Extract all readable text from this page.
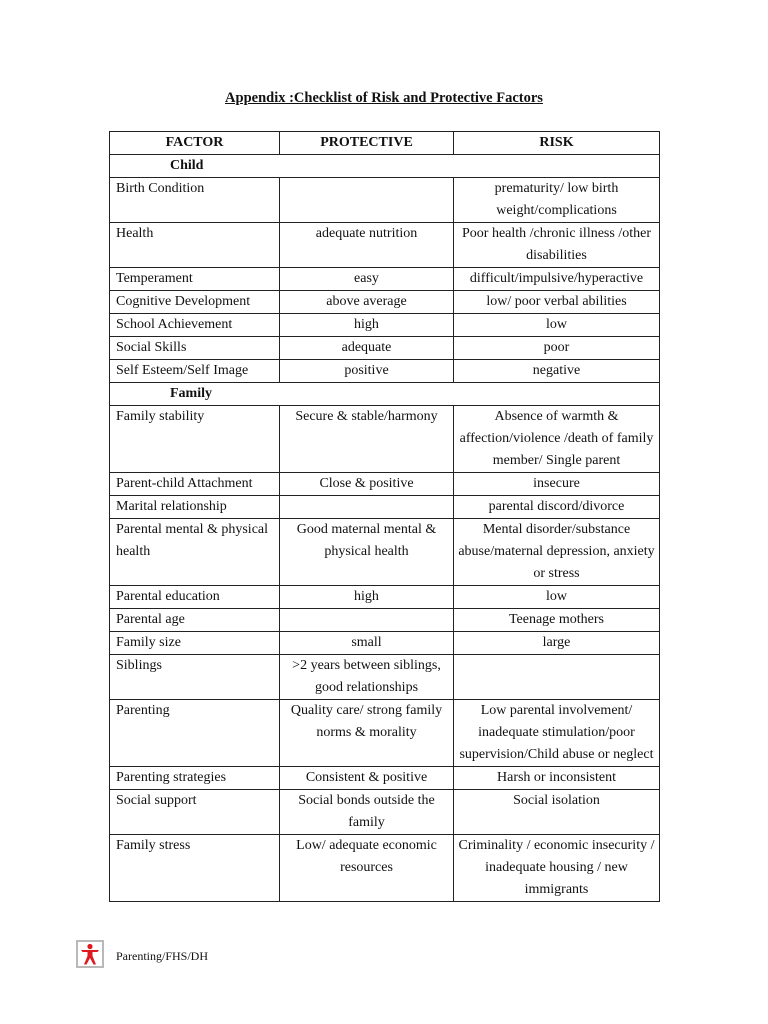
Appendix :Checklist of Risk and Protective Factors
FACTOR	PROTECTIVE	RISK
Child		
Birth Condition		prematurity/ low birth weight/complications
Health	adequate nutrition	Poor health /chronic illness /other disabilities
Temperament	easy	difficult/impulsive/hyperactive
Cognitive Development	above average	low/ poor verbal abilities
School Achievement	high	low
Social Skills	adequate	poor
Self Esteem/Self Image	positive	negative
Family		
Family stability	Secure & stable/harmony	Absence of warmth & affection/violence /death of family member/ Single parent
Parent-child Attachment	Close & positive	insecure
Marital relationship		parental discord/divorce
Parental mental & physical health	Good maternal mental & physical health	Mental disorder/substance abuse/maternal depression, anxiety or stress
Parental education	high	low
Parental age		Teenage mothers
Family size	small	large
Siblings	>2 years between siblings, good relationships	
Parenting	Quality care/ strong family norms & morality	Low parental involvement/ inadequate stimulation/poor supervision/Child abuse or neglect
Parenting strategies	Consistent & positive	Harsh or inconsistent
Social support	Social bonds outside the family	Social isolation
Family stress	Low/ adequate economic resources	Criminality / economic insecurity / inadequate housing / new immigrants
Parenting/FHS/DH
